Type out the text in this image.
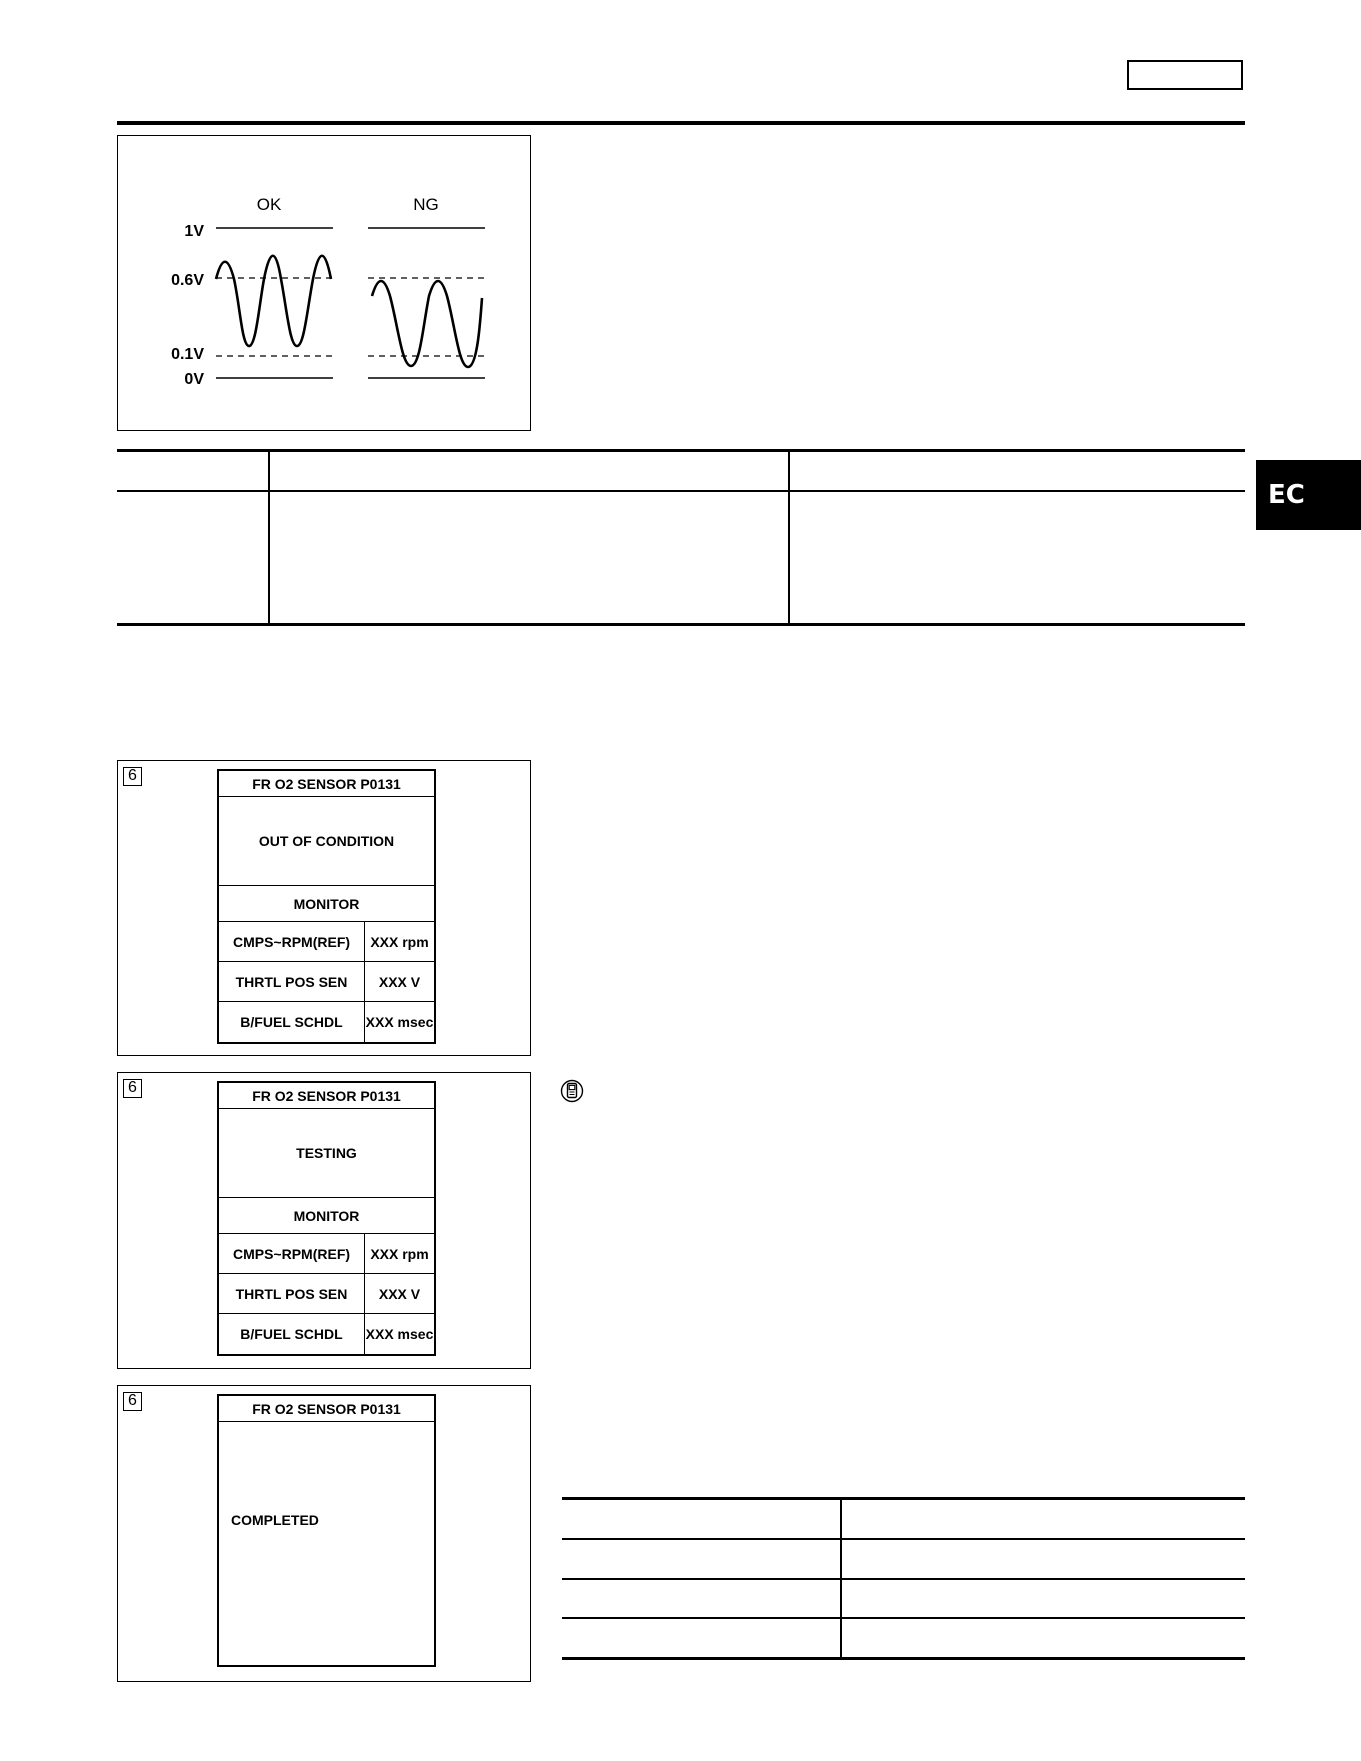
EC
OK	NG
1V
0.6V
0.1V
0V
6	FR O2 SENSOR P0131
OUT OF CONDITION
MONITOR
CMPS~RPM(REF)	XXX rpm
THRTL POS SEN	XXX V
B/FUEL SCHDL	XXX msec
6	FR O2 SENSOR P0131
TESTING
MONITOR
CMPS~RPM(REF)	XXX rpm
THRTL POS SEN	XXX V
B/FUEL SCHDL	XXX msec
6	FR O2 SENSOR P0131
COMPLETED
